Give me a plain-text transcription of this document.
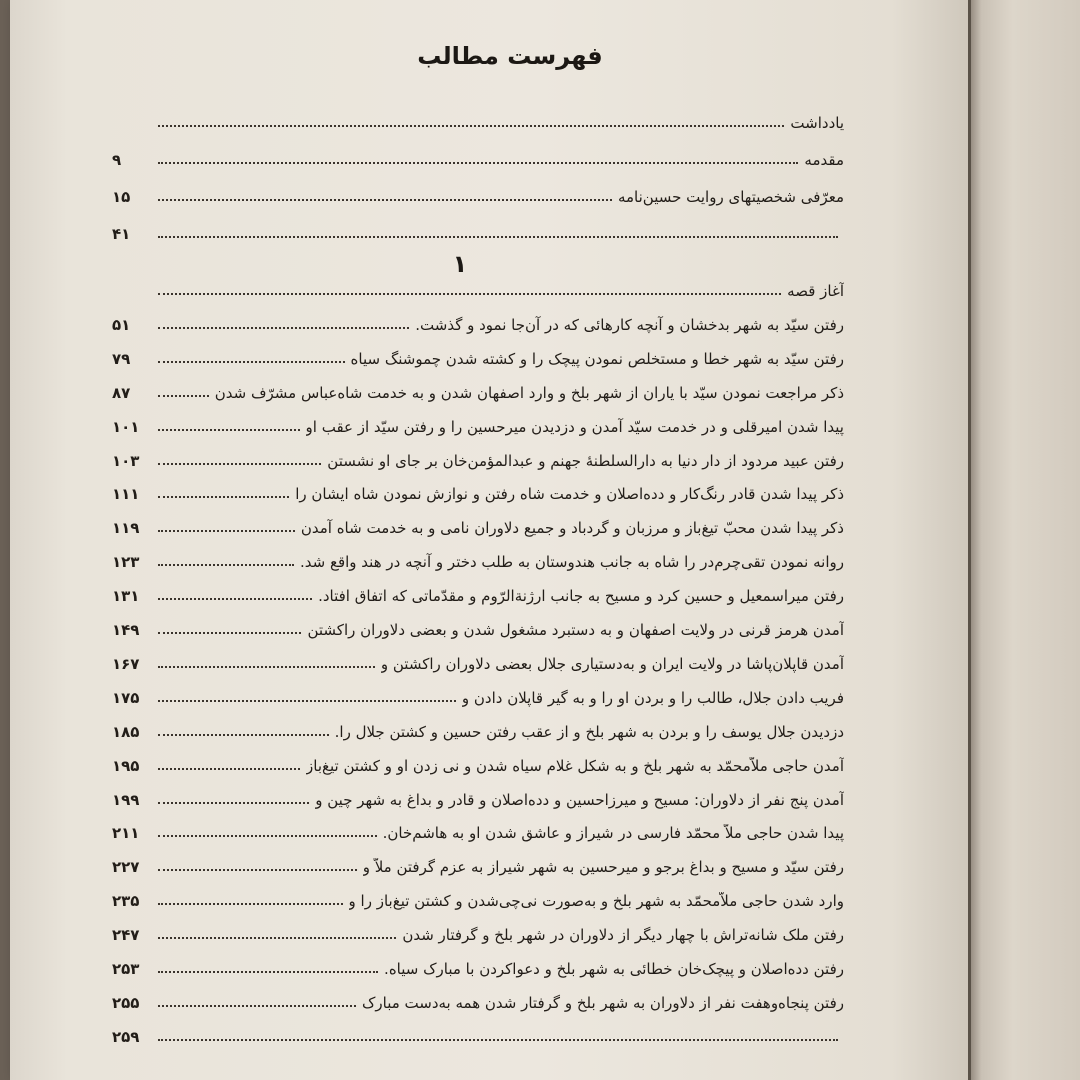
فهرست مطالب
یادداشت
مقدمه
۹
معرّفی شخصیتهای روایت حسین‌نامه
۱۵
۴۱
۱
آغاز قصه
رفتن سیّد به شهر بدخشان و آنچه کارهائی که در آن‌جا نمود و گذشت.
۵۱
رفتن سیّد به شهر خطا و مستخلص نمودن پیچک را و کشته شدن چموشنگ سیاه
۷۹
ذکر مراجعت نمودن سیّد با یاران از شهر بلخ و وارد اصفهان شدن و به خدمت شاه‌عباس مشرّف شدن
۸۷
پیدا شدن امیرقلی و در خدمت سیّد آمدن و دزدیدن میرحسین را و رفتن سیّد از عقب او
۱۰۱
رفتن عبید مردود از دار دنیا به دارالسلطنهٔ جهنم و عبدالمؤمن‌خان بر جای او نشستن
۱۰۳
ذکر پیدا شدن قادر رنگ‌کار و دده‌اصلان و خدمت شاه رفتن و نوازش نمودن شاه ایشان را
۱۱۱
ذکر پیدا شدن محبّ تیغ‌باز و مرزبان و گردباد و جمیع دلاوران نامی و به خدمت شاه آمدن
۱۱۹
روانه نمودن تقی‌چرم‌در را شاه به جانب هندوستان به طلب دختر و آنچه در هند واقع شد.
۱۲۳
رفتن میراسمعیل و حسین کرد و مسیح به جانب ارژنةالرّوم و مقدّماتی که اتفاق افتاد.
۱۳۱
آمدن هرمز قرنی در ولایت اصفهان و به دستبرد مشغول شدن و بعضی دلاوران راکشتن
۱۴۹
آمدن قاپلان‌پاشا در ولایت ایران و به‌دستیاری جلال بعضی دلاوران راکشتن و
۱۶۷
فریب دادن جلال، طالب را و بردن او را و به گیر قاپلان دادن و
۱۷۵
دزدیدن جلال یوسف را و بردن به شهر بلخ و از عقب رفتن حسین و کشتن جلال را.
۱۸۵
آمدن حاجی ملاّمحمّد به شهر بلخ و به شکل غلام سیاه شدن و نی زدن او و کشتن تیغ‌باز
۱۹۵
آمدن پنج نفر از دلاوران: مسیح و میرزاحسین و دده‌اصلان و قادر و بداغ به شهر چین و
۱۹۹
پیدا شدن حاجی ملاّ محمّد فارسی در شیراز و عاشق شدن او به هاشم‌خان.
۲۱۱
رفتن سیّد و مسیح و بداغ برجو و میرحسین به شهر شیراز به عزم گرفتن ملاّ و
۲۲۷
وارد شدن حاجی ملاّمحمّد به شهر بلخ و به‌صورت نی‌چی‌شدن و کشتن تیغ‌باز را و
۲۳۵
رفتن ملک شانه‌تراش با چهار دیگر از دلاوران در شهر بلخ و گرفتار شدن
۲۴۷
رفتن دده‌اصلان و پیچک‌خان خطائی به شهر بلخ و دعواکردن با مبارک سیاه.
۲۵۳
رفتن پنجاه‌وهفت نفر از دلاوران به شهر بلخ و گرفتار شدن همه به‌دست مبارک
۲۵۵
۲۵۹
